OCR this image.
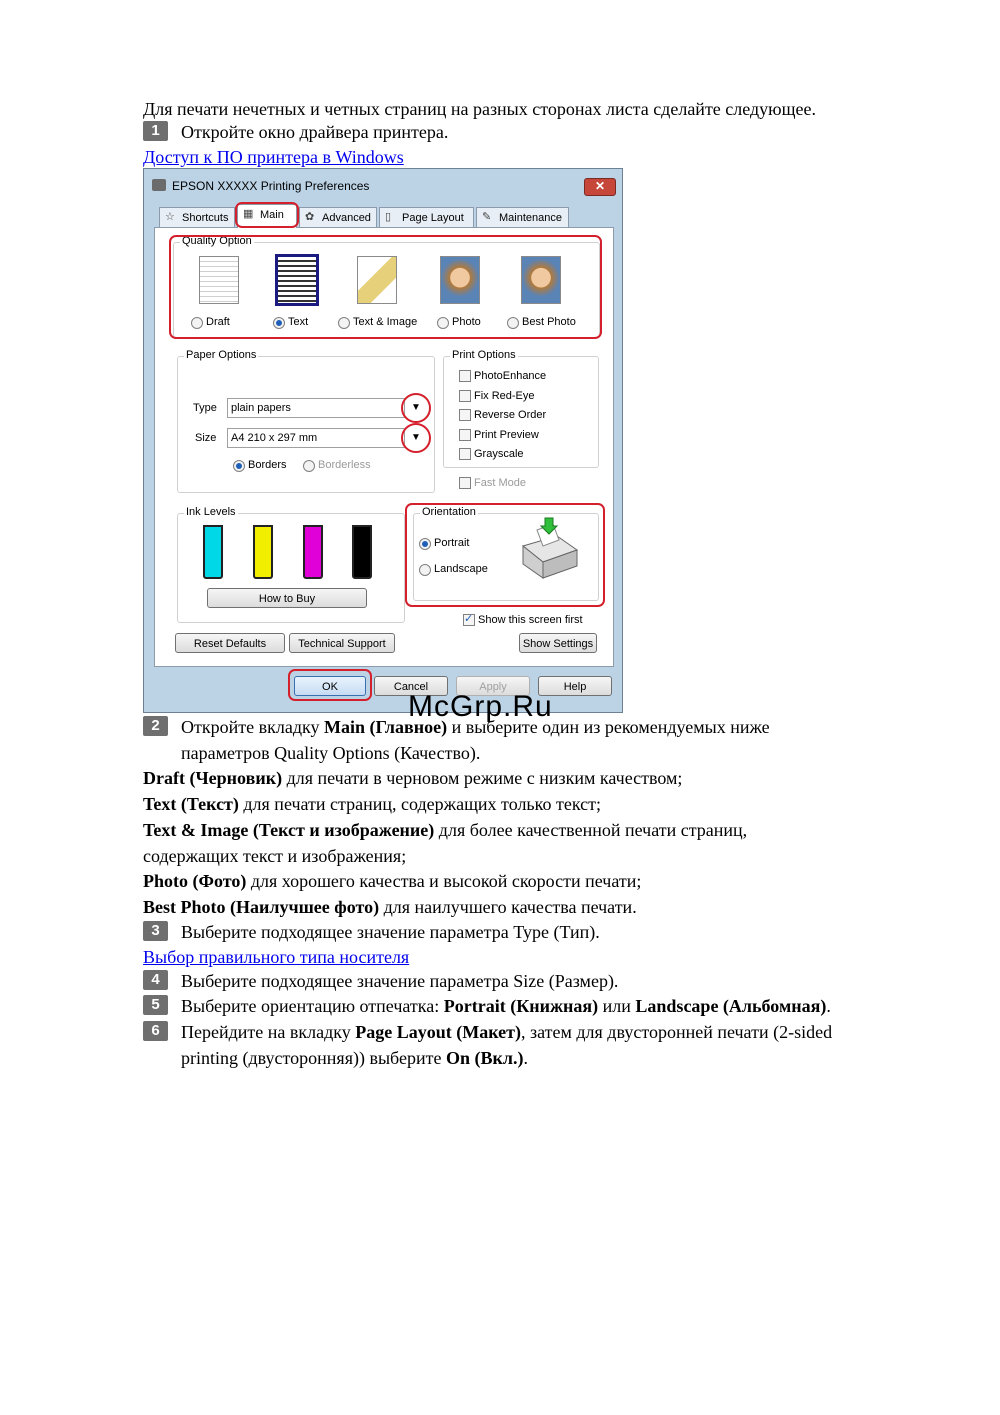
Для печати нечетных и четных страниц на разных сторонах листа сделайте следующее.
1	Откройте окно драйвера принтера.
Доступ к ПО принтера в Windows
EPSON XXXXX Printing Preferences	✕
☆ Shortcuts	▦ Main	✿ Advanced	▯ Page Layout	✎ Maintenance
Quality Option
Draft	Text	Text & Image	Photo	Best Photo
Paper Options
Type	plain papers	▼
Size	A4 210 x 297 mm	▼
Borders	Borderless
Print Options
PhotoEnhance
Fix Red-Eye
Reverse Order
Print Preview
Grayscale
Fast Mode
Ink Levels
How to Buy
Orientation
Portrait
Landscape
Show this screen first ✓
Reset Defaults	Technical Support	Show Settings
OK	Cancel	Apply	Help
McGrp.Ru
2	Откройте вкладку Main (Главное) и выберите один из рекомендуемых ниже
параметров Quality Options (Качество).
Draft (Черновик) для печати в черновом режиме с низким качеством;
Text (Текст) для печати страниц, содержащих только текст;
Text & Image (Текст и изображение) для более качественной печати страниц,
содержащих текст и изображения;
Photo (Фото) для хорошего качества и высокой скорости печати;
Best Photo (Наилучшее фото) для наилучшего качества печати.
3	Выберите подходящее значение параметра Type (Тип).
Выбор правильного типа носителя
4	Выберите подходящее значение параметра Size (Размер).
5	Выберите ориентацию отпечатка: Portrait (Книжная) или Landscape (Альбомная).
6	Перейдите на вкладку Page Layout (Макет), затем для двусторонней печати (2-sided
printing (двусторонняя)) выберите On (Вкл.).
